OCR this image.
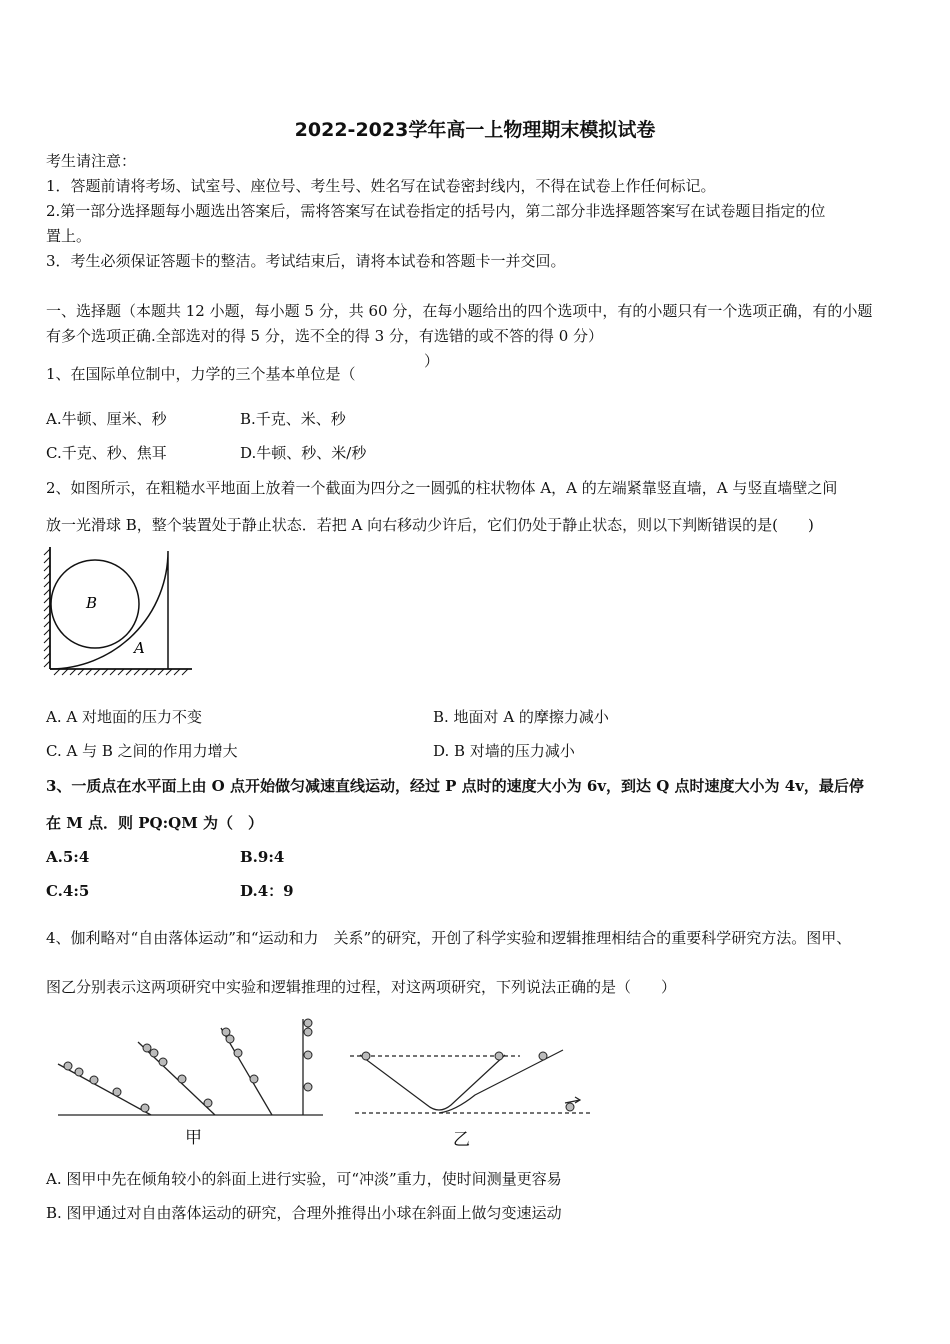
2022-2023学年高一上物理期末模拟试卷
考生请注意：
1．答题前请将考场、试室号、座位号、考生号、姓名写在试卷密封线内，不得在试卷上作任何标记。
2.第一部分选择题每小题选出答案后，需将答案写在试卷指定的括号内，第二部分非选择题答案写在试卷题目指定的位
置上。
3．考生必须保证答题卡的整洁。考试结束后，请将本试卷和答题卡一并交回。
一、选择题（本题共 12 小题，每小题 5 分，共 60 分，在每小题给出的四个选项中，有的小题只有一个选项正确，有的小题
有多个选项正确.全部选对的得 5 分，选不全的得 3 分，有选错的或不答的得 0 分）
1、在国际单位制中，力学的三个基本单位是（
）
A.牛顿、厘米、秒	B.千克、米、秒
C.千克、秒、焦耳	D.牛顿、秒、米/秒
2、如图所示，在粗糙水平地面上放着一个截面为四分之一圆弧的柱状物体 A，A 的左端紧靠竖直墙，A 与竖直墙壁之间
放一光滑球 B，整个装置处于静止状态．若把 A 向右移动少许后，它们仍处于静止状态，则以下判断错误的是(　　)
B
A
A. A 对地面的压力不变	B. 地面对 A 的摩擦力减小
C. A 与 B 之间的作用力增大	D. B 对墙的压力减小
3、一质点在水平面上由 O 点开始做匀减速直线运动，经过 P 点时的速度大小为 6v，到达 Q 点时速度大小为 4v，最后停
在 M 点．则 PQ:QM 为（　）
A.5:4	B.9:4
C.4:5	D.4：9
4、伽利略对“自由落体运动”和“运动和力　关系”的研究，开创了科学实验和逻辑推理相结合的重要科学研究方法。图甲、
图乙分别表示这两项研究中实验和逻辑推理的过程，对这两项研究，下列说法正确的是（　　）
甲	乙
A. 图甲中先在倾角较小的斜面上进行实验，可“冲淡”重力，使时间测量更容易
B. 图甲通过对自由落体运动的研究，合理外推得出小球在斜面上做匀变速运动
